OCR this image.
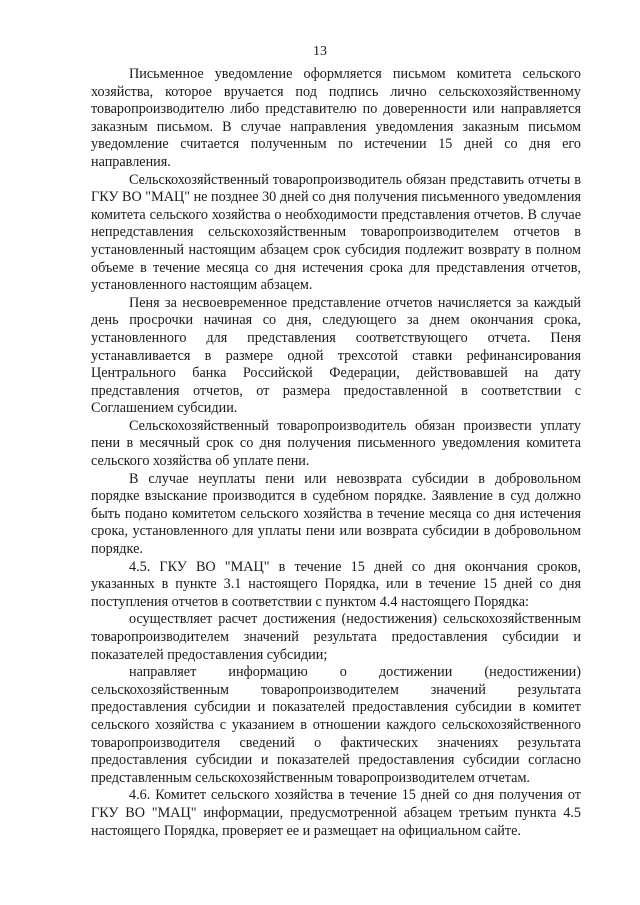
13

Письменное уведомление оформляется письмом комитета сельского хозяйства, которое вручается под подпись лично сельскохозяйственному товаропроизводителю либо представителю по доверенности или направляется заказным письмом. В случае направления уведомления заказным письмом уведомление считается полученным по истечении 15 дней со дня его направления.

Сельскохозяйственный товаропроизводитель обязан представить отчеты в ГКУ ВО "МАЦ" не позднее 30 дней со дня получения письменного уведомления комитета сельского хозяйства о необходимости представления отчетов. В случае непредставления сельскохозяйственным товаропроизводителем отчетов в установленный настоящим абзацем срок субсидия подлежит возврату в полном объеме в течение месяца со дня истечения срока для представления отчетов, установленного настоящим абзацем.

Пеня за несвоевременное представление отчетов начисляется за каждый день просрочки начиная со дня, следующего за днем окончания срока, установленного для представления соответствующего отчета. Пеня устанавливается в размере одной трехсотой ставки рефинансирования Центрального банка Российской Федерации, действовавшей на дату представления отчетов, от размера предоставленной в соответствии с Соглашением субсидии.

Сельскохозяйственный товаропроизводитель обязан произвести уплату пени в месячный срок со дня получения письменного уведомления комитета сельского хозяйства об уплате пени.

В случае неуплаты пени или невозврата субсидии в добровольном порядке взыскание производится в судебном порядке. Заявление в суд должно быть подано комитетом сельского хозяйства в течение месяца со дня истечения срока, установленного для уплаты пени или возврата субсидии в добровольном порядке.

4.5. ГКУ ВО "МАЦ" в течение 15 дней со дня окончания сроков, указанных в пункте 3.1 настоящего Порядка, или в течение 15 дней со дня поступления отчетов в соответствии с пунктом 4.4 настоящего Порядка:

осуществляет расчет достижения (недостижения) сельскохозяйственным товаропроизводителем значений результата предоставления субсидии и показателей предоставления субсидии;

направляет информацию о достижении (недостижении) сельскохозяйственным товаропроизводителем значений результата предоставления субсидии и показателей предоставления субсидии в комитет сельского хозяйства с указанием в отношении каждого сельскохозяйственного товаропроизводителя сведений о фактических значениях результата предоставления субсидии и показателей предоставления субсидии согласно представленным сельскохозяйственным товаропроизводителем отчетам.

4.6. Комитет сельского хозяйства в течение 15 дней со дня получения от ГКУ ВО "МАЦ" информации, предусмотренной абзацем третьим пункта 4.5 настоящего Порядка, проверяет ее и размещает на официальном сайте.
